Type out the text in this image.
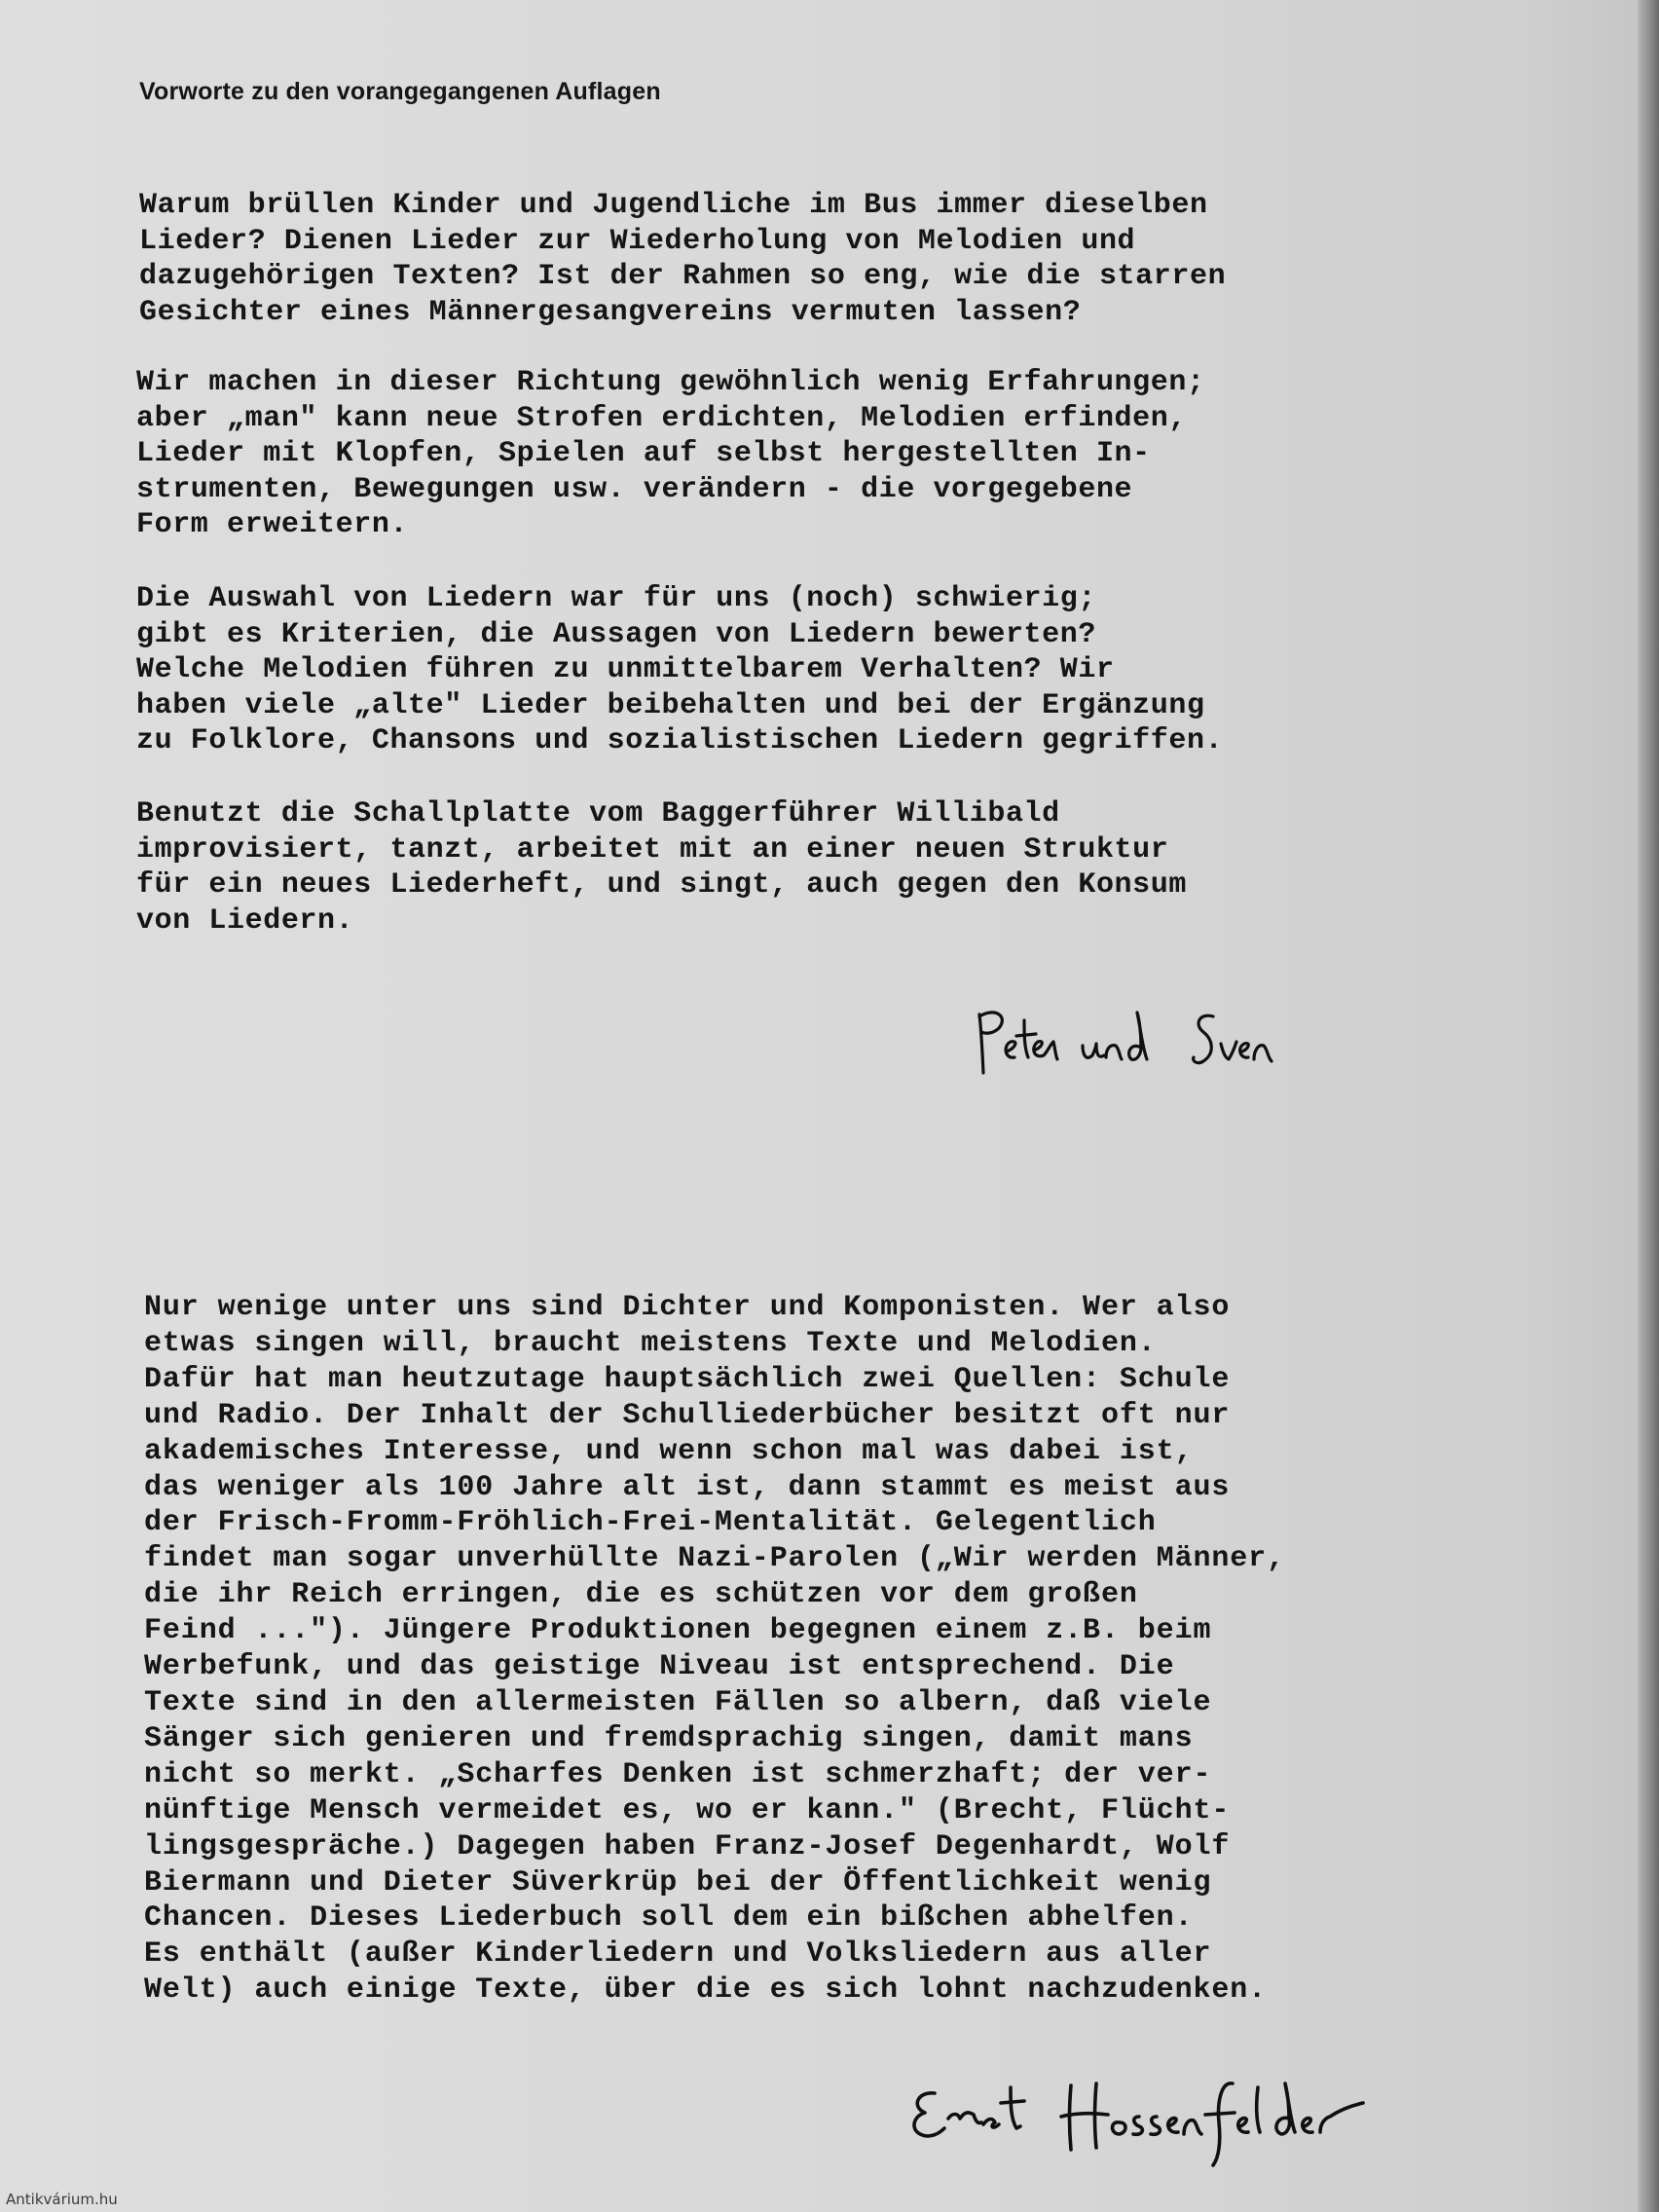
Vorworte zu den vorangegangenen Auflagen
Warum brüllen Kinder und Jugendliche im Bus immer dieselben
Lieder? Dienen Lieder zur Wiederholung von Melodien und
dazugehörigen Texten? Ist der Rahmen so eng, wie die starren
Gesichter eines Männergesangvereins vermuten lassen?
Wir machen in dieser Richtung gewöhnlich wenig Erfahrungen;
aber „man" kann neue Strofen erdichten, Melodien erfinden,
Lieder mit Klopfen, Spielen auf selbst hergestellten In-
strumenten, Bewegungen usw. verändern - die vorgegebene
Form erweitern.
Die Auswahl von Liedern war für uns (noch) schwierig;
gibt es Kriterien, die Aussagen von Liedern bewerten?
Welche Melodien führen zu unmittelbarem Verhalten? Wir
haben viele „alte" Lieder beibehalten und bei der Ergänzung
zu Folklore, Chansons und sozialistischen Liedern gegriffen.
Benutzt die Schallplatte vom Baggerführer Willibald
improvisiert, tanzt, arbeitet mit an einer neuen Struktur
für ein neues Liederheft, und singt, auch gegen den Konsum
von Liedern.
Nur wenige unter uns sind Dichter und Komponisten. Wer also
etwas singen will, braucht meistens Texte und Melodien.
Dafür hat man heutzutage hauptsächlich zwei Quellen: Schule
und Radio. Der Inhalt der Schulliederbücher besitzt oft nur
akademisches Interesse, und wenn schon mal was dabei ist,
das weniger als 100 Jahre alt ist, dann stammt es meist aus
der Frisch-Fromm-Fröhlich-Frei-Mentalität. Gelegentlich
findet man sogar unverhüllte Nazi-Parolen („Wir werden Männer,
die ihr Reich erringen, die es schützen vor dem großen
Feind ..."). Jüngere Produktionen begegnen einem z.B. beim
Werbefunk, und das geistige Niveau ist entsprechend. Die
Texte sind in den allermeisten Fällen so albern, daß viele
Sänger sich genieren und fremdsprachig singen, damit mans
nicht so merkt. „Scharfes Denken ist schmerzhaft; der ver-
nünftige Mensch vermeidet es, wo er kann." (Brecht, Flücht-
lingsgespräche.) Dagegen haben Franz-Josef Degenhardt, Wolf
Biermann und Dieter Süverkrüp bei der Öffentlichkeit wenig
Chancen. Dieses Liederbuch soll dem ein bißchen abhelfen.
Es enthält (außer Kinderliedern und Volksliedern aus aller
Welt) auch einige Texte, über die es sich lohnt nachzudenken.
Antikvárium.hu
